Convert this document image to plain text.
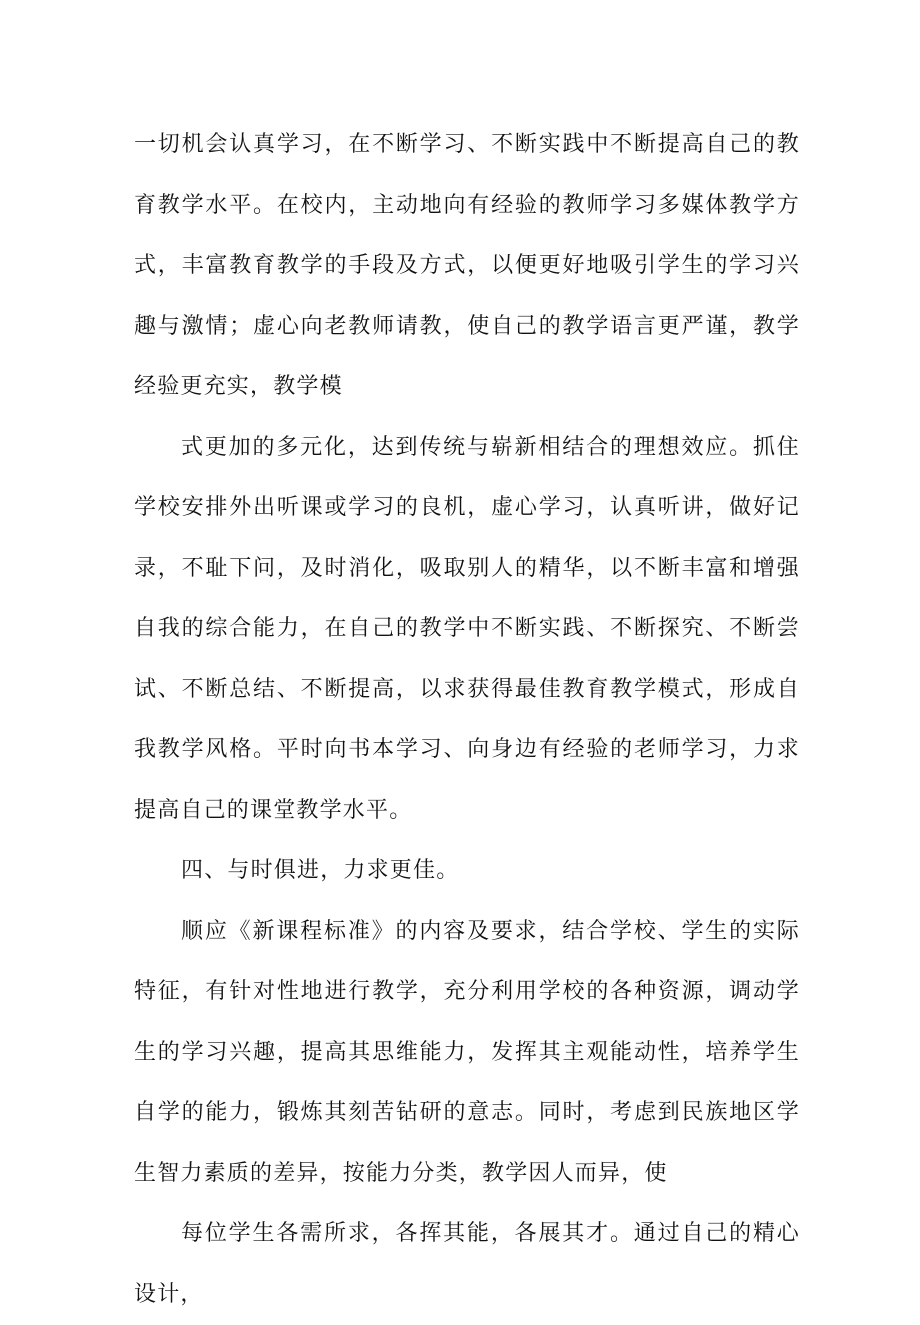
一切机会认真学习，在不断学习、不断实践中不断提高自己的教育教学水平。在校内，主动地向有经验的教师学习多媒体教学方式，丰富教育教学的手段及方式，以便更好地吸引学生的学习兴趣与激情；虚心向老教师请教，使自己的教学语言更严谨，教学经验更充实，教学模

式更加的多元化，达到传统与崭新相结合的理想效应。抓住学校安排外出听课或学习的良机，虚心学习，认真听讲，做好记录，不耻下问，及时消化，吸取别人的精华，以不断丰富和增强自我的综合能力，在自己的教学中不断实践、不断探究、不断尝试、不断总结、不断提高，以求获得最佳教育教学模式，形成自我教学风格。平时向书本学习、向身边有经验的老师学习，力求提高自己的课堂教学水平。

四、与时俱进，力求更佳。

顺应《新课程标准》的内容及要求，结合学校、学生的实际特征，有针对性地进行教学，充分利用学校的各种资源，调动学生的学习兴趣，提高其思维能力，发挥其主观能动性，培养学生自学的能力，锻炼其刻苦钻研的意志。同时，考虑到民族地区学生智力素质的差异，按能力分类，教学因人而异，使

每位学生各需所求，各挥其能，各展其才。通过自己的精心设计，
